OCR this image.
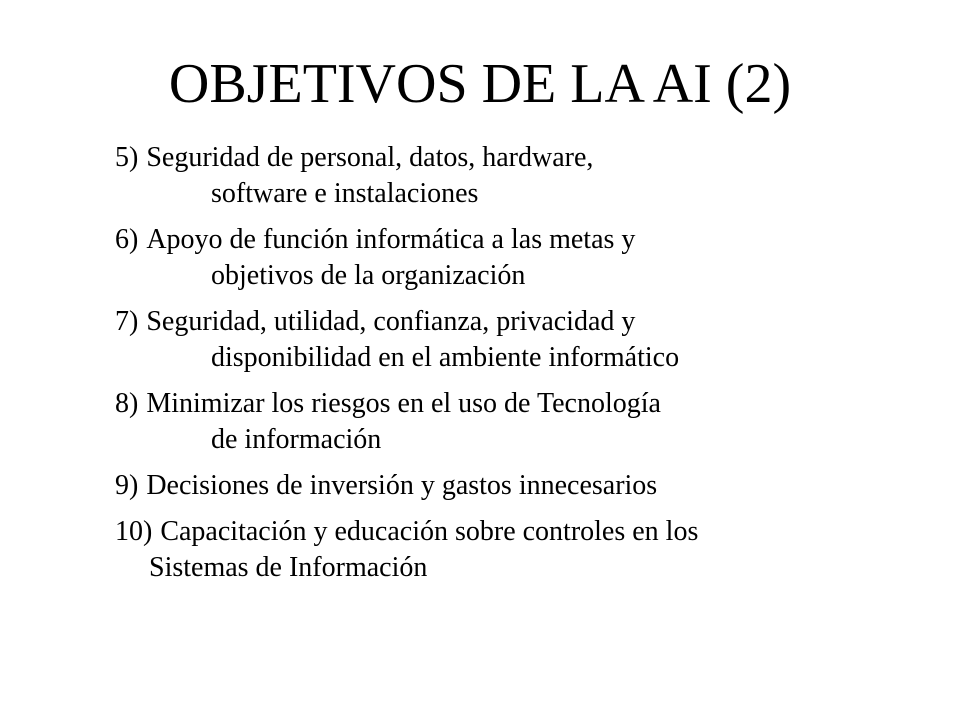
OBJETIVOS DE LA AI (2)
5) Seguridad de personal, datos, hardware,
software e instalaciones
6) Apoyo de función informática a las metas y
objetivos de la organización
7) Seguridad, utilidad, confianza, privacidad y
disponibilidad en el ambiente informático
8) Minimizar los riesgos en el uso de Tecnología
de información
9) Decisiones de inversión y gastos innecesarios
10) Capacitación y educación sobre controles en los
Sistemas de Información
